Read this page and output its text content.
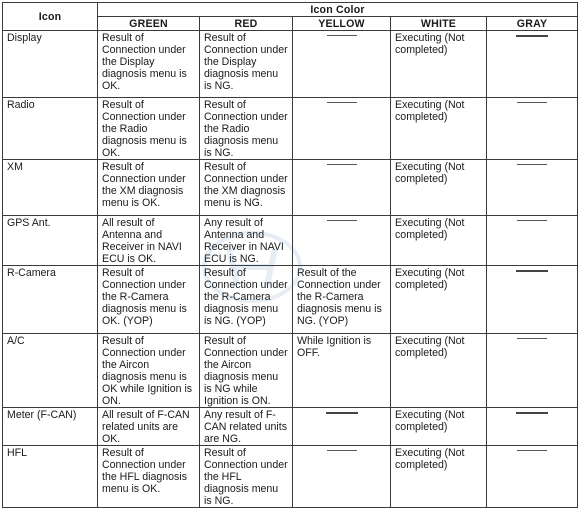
Icon	Icon Color				
	GREEN	RED	YELLOW	WHITE	GRAY
Display	Result of Connection under the Display diagnosis menu is OK.	Result of Connection under the Display diagnosis menu is NG.		Executing (Not completed)	
Radio	Result of Connection under the Radio diagnosis menu is OK.	Result of Connection under the Radio diagnosis menu is NG.		Executing (Not completed)	
XM	Result of Connection under the XM diagnosis menu is OK.	Result of Connection under the XM diagnosis menu is NG.		Executing (Not completed)	
GPS Ant.	All result of Antenna and Receiver in NAVI ECU is OK.	Any result of Antenna and Receiver in NAVI ECU is NG.		Executing (Not completed)	
R-Camera	Result of Connection under the R-Camera diagnosis menu is OK. (YOP)	Result of Connection under the R-Camera diagnosis menu is NG. (YOP)	Result of the Connection under the R-Camera diagnosis menu is NG. (YOP)	Executing (Not completed)	
A/C	Result of Connection under the Aircon diagnosis menu is OK while Ignition is ON.	Result of Connection under the Aircon diagnosis menu is NG while Ignition is ON.	While Ignition is OFF.	Executing (Not completed)	
Meter (F-CAN)	All result of F-CAN related units are OK.	Any result of F-CAN related units are NG.		Executing (Not completed)	
HFL	Result of Connection under the HFL diagnosis menu is OK.	Result of Connection under the HFL diagnosis menu is NG.		Executing (Not completed)	
